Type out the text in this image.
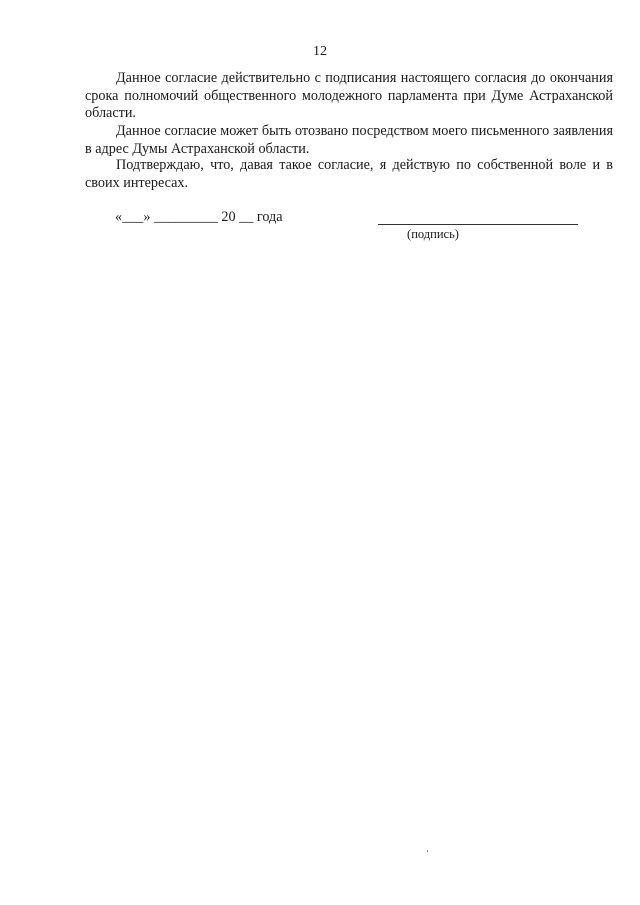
12

Данное согласие действительно с подписания настоящего согласия до окончания срока полномочий общественного молодежного парламента при Думе Астраханской области.

Данное согласие может быть отозвано посредством моего письменного заявления в адрес Думы Астраханской области.

Подтверждаю, что, давая такое согласие, я действую по собственной воле и в своих интересах.

«___» _________ 20 __ года
(подпись)
